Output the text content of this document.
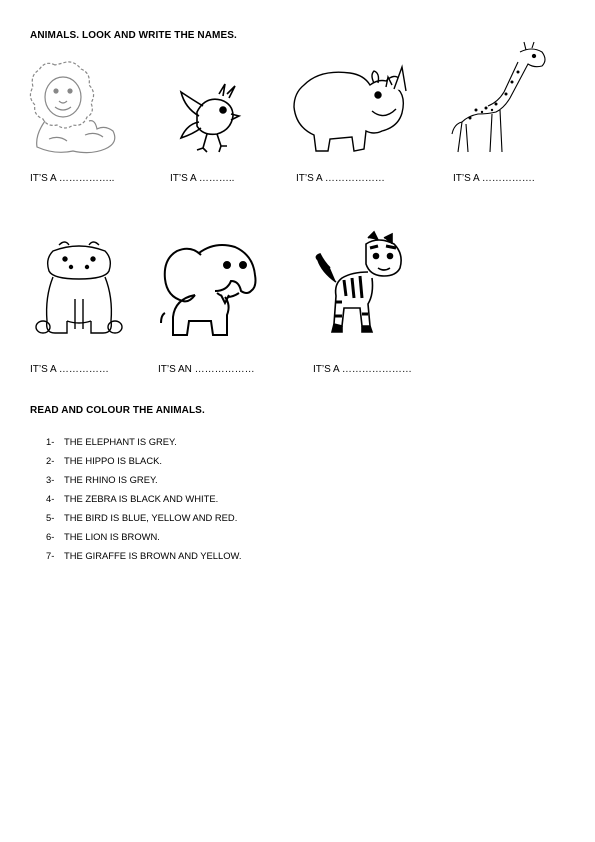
ANIMALS. LOOK AND WRITE THE NAMES.
IT’S A ……………..	IT’S A ………..	IT’S A ………………	IT’S A …………….
IT’S A ……………	IT’S AN ………………	IT’S A …………………
READ AND COLOUR THE ANIMALS.
1-	THE ELEPHANT IS GREY.
2-	THE HIPPO IS BLACK.
3-	THE RHINO IS GREY.
4-	THE ZEBRA IS BLACK AND WHITE.
5-	THE BIRD IS BLUE, YELLOW AND RED.
6-	THE LION IS BROWN.
7-	THE GIRAFFE IS BROWN AND YELLOW.
